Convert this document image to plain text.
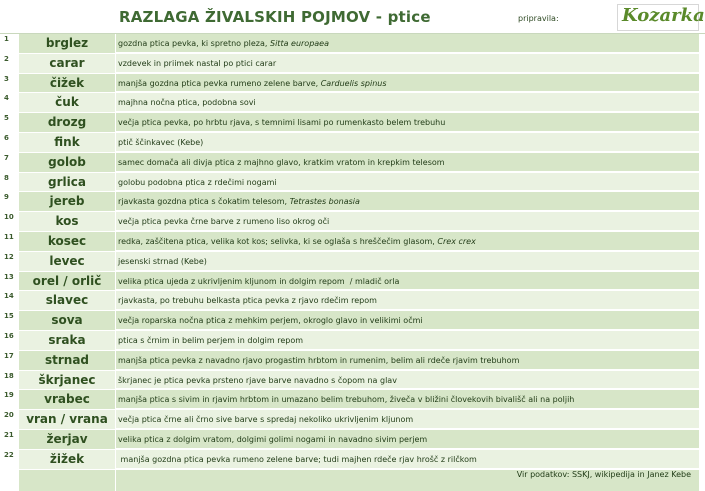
RAZLAGA ŽIVALSKIH POJMOV - ptice	pripravila:	Kozarka
1	brglez	gozdna ptica pevka, ki spretno pleza, Sitta europaea
2	carar	vzdevek in priimek nastal po ptici carar
3	čižek	manjša gozdna ptica pevka rumeno zelene barve, Carduelis spinus
4	čuk	majhna nočna ptica, podobna sovi
5	drozg	večja ptica pevka, po hrbtu rjava, s temnimi lisami po rumenkasto belem trebuhu
6	fink	ptič ščinkavec (Kebe)
7	golob	samec domača ali divja ptica z majhno glavo, kratkim vratom in krepkim telesom
8	grlica	golobu podobna ptica z rdečimi nogami
9	jereb	rjavkasta gozdna ptica s čokatim telesom, Tetrastes bonasia
10	kos	večja ptica pevka črne barve z rumeno liso okrog oči
11	kosec	redka, zaščitena ptica, velika kot kos; selivka, ki se oglaša s hreščečim glasom, Crex crex
12	levec	jesenski strnad (Kebe)
13	orel / orlič	velika ptica ujeda z ukrivljenim kljunom in dolgim repom  / mladič orla
14	slavec	rjavkasta, po trebuhu belkasta ptica pevka z rjavo rdečim repom
15	sova	večja roparska nočna ptica z mehkim perjem, okroglo glavo in velikimi očmi
16	sraka	ptica s črnim in belim perjem in dolgim repom
17	strnad	manjša ptica pevka z navadno rjavo progastim hrbtom in rumenim, belim ali rdeče rjavim trebuhom
18	škrjanec	škrjanec je ptica pevka prsteno rjave barve navadno s čopom na glav
19	vrabec	manjša ptica s sivim in rjavim hrbtom in umazano belim trebuhom, živeča v bližini človekovih bivališč ali na poljih
20	vran / vrana	večja ptica črne ali črno sive barve s spredaj nekoliko ukrivljenim kljunom
21	žerjav	velika ptica z dolgim vratom, dolgimi golimi nogami in navadno sivim perjem
22	žižek	manjša gozdna ptica pevka rumeno zelene barve; tudi majhen rdeče rjav hrošč z rilčkom
Vir podatkov: SSKJ, wikipedija in Janez Kebe
